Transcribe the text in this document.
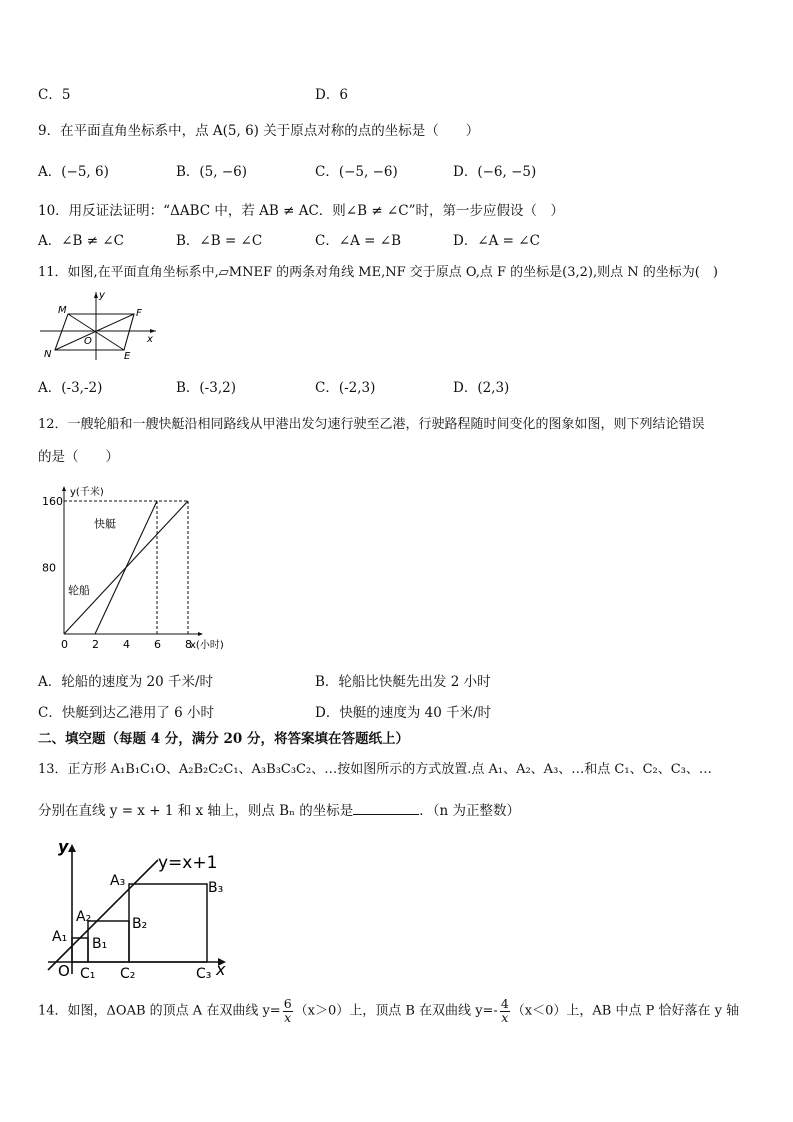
C．5	D．6
9．在平面直角坐标系中，点 A(5, 6) 关于原点对称的点的坐标是（　　）
A．(−5, 6)	B．(5, −6)	C．(−5, −6)	D．(−6, −5)
10．用反证法证明：“ΔABC 中，若 AB ≠ AC．则∠B ≠ ∠C”时，第一步应假设（　）
A．∠B ≠ ∠C	B．∠B = ∠C	C．∠A = ∠B	D．∠A = ∠C
11．如图,在平面直角坐标系中,▱MNEF 的两条对角线 ME,NF 交于原点 O,点 F 的坐标是(3,2),则点 N 的坐标为(　)
M	F
N	E
O
y
x
A．(-3,-2)	B．(-3,2)	C．(-2,3)	D．(2,3)
12．一艘轮船和一艘快艇沿相同路线从甲港出发匀速行驶至乙港，行驶路程随时间变化的图象如图，则下列结论错误
的是（　　）
轮船
快艇
0 2 4 6 8
80
160
x(小时)
y(千米)
A．轮船的速度为 20 千米/时	B．轮船比快艇先出发 2 小时
C．快艇到达乙港用了 6 小时	D．快艇的速度为 40 千米/时
二、填空题（每题 4 分，满分 20 分，将答案填在答题纸上）
13．正方形 A₁B₁C₁O、A₂B₂C₂C₁、A₃B₃C₃C₂、…按如图所示的方式放置.点 A₁、A₂、A₃、…和点 C₁、C₂、C₃、…
分别在直线 y = x + 1 和 x 轴上，则点 Bₙ 的坐标是	．（n 为正整数）
y
x
y=x+1
O
A₁
A₂
A₃
B₁
B₂
B₃
C₁ C₂	C₃
14．如图，ΔOAB 的顶点 A 在双曲线 $y= \frac{6}{x} (x>0)$上，顶点 B 在双曲线 $y=- \frac{4}{x} (x<0)$上，AB 中点 P 恰好落在 y 轴
